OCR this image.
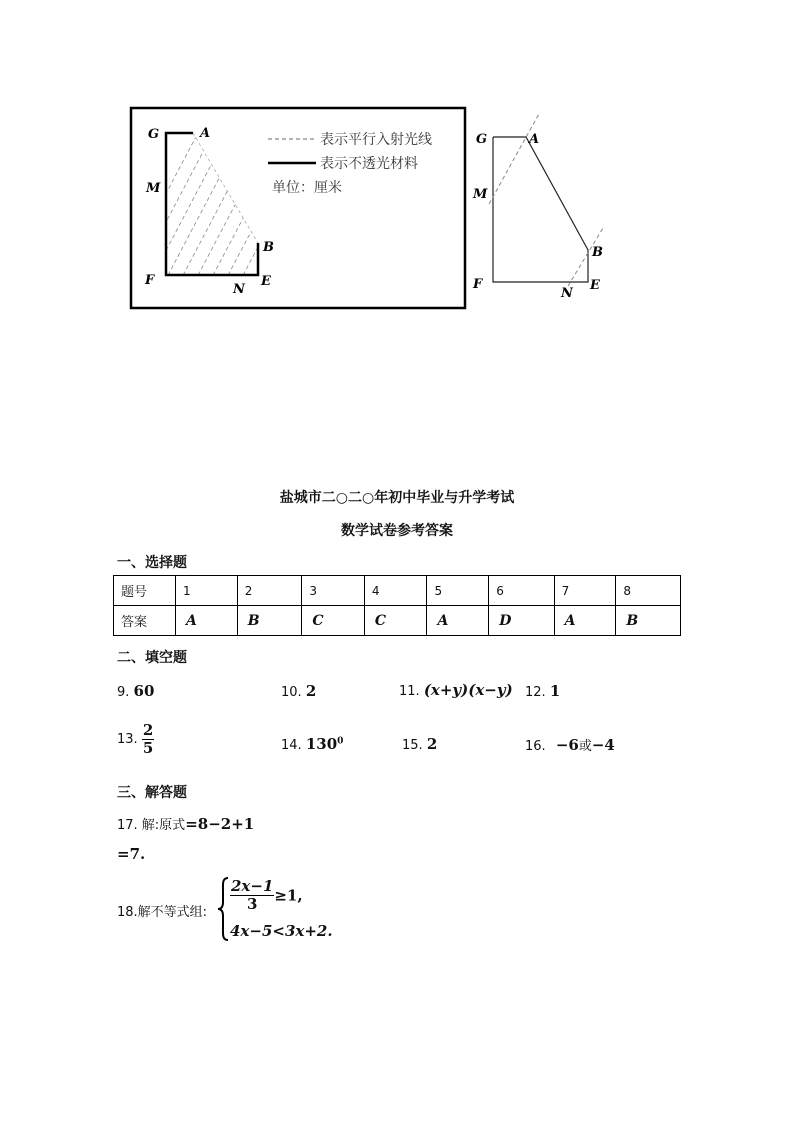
G	A
M
B
F
N
E
表示平行入射光线
表示不透光材料
单位：厘米
G	A
M
B
F
N
E
盐城市二○二○年初中毕业与升学考试
数学试卷参考答案
一、选择题
题号	1	2	3	4	5	6	7	8
答案	A	B	C	C	A	D	A	B
二、填空题
9. 60	10. 2	11. (x+y)(x−y) 12. 1
13. $\frac{2}{5}$	14. $130^0$	15. 2	16. −6或−4
三、解答题
17. 解:原式=8−2+1
=7.
18.解不等式组: $\frac{2x-1}{3} \ge 1$,
4x−5<3x+2.
